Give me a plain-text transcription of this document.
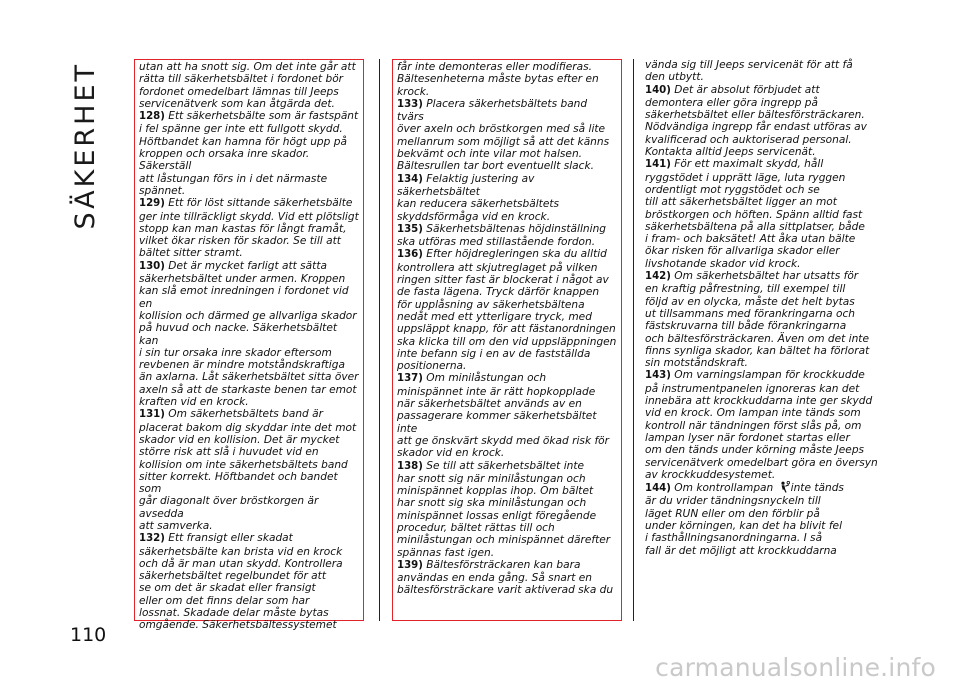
SÄKERHET	utan att ha snott sig. Om det inte går att
rätta till säkerhetsbältet i fordonet bör
fordonet omedelbart lämnas till Jeeps
servicenätverk som kan åtgärda det.

128) Ett säkerhetsbälte som är fastspänt
i fel spänne ger inte ett fullgott skydd.
Höftbandet kan hamna för högt upp på
kroppen och orsaka inre skador. Säkerställ
att låstungan förs in i det närmaste
spännet.

129) Ett för löst sittande säkerhetsbälte
ger inte tillräckligt skydd. Vid ett plötsligt
stopp kan man kastas för långt framåt,
vilket ökar risken för skador. Se till att
bältet sitter stramt.

130) Det är mycket farligt att sätta
säkerhetsbältet under armen. Kroppen
kan slå emot inredningen i fordonet vid en
kollision och därmed ge allvarliga skador
på huvud och nacke. Säkerhetsbältet kan
i sin tur orsaka inre skador eftersom
revbenen är mindre motståndskraftiga
än axlarna. Låt säkerhetsbältet sitta över
axeln så att de starkaste benen tar emot
kraften vid en krock.

131) Om säkerhetsbältets band är
placerat bakom dig skyddar inte det mot
skador vid en kollision. Det är mycket
större risk att slå i huvudet vid en
kollision om inte säkerhetsbältets band
sitter korrekt. Höftbandet och bandet som
går diagonalt över bröstkorgen är avsedda
att samverka.

132) Ett fransigt eller skadat
säkerhetsbälte kan brista vid en krock
och då är man utan skydd. Kontrollera
säkerhetsbältet regelbundet för att
se om det är skadat eller fransigt
eller om det finns delar som har
lossnat. Skadade delar måste bytas
omgående. Säkerhetsbältessystemet

får inte demonteras eller modifieras.
Bältesenheterna måste bytas efter en
krock.

133) Placera säkerhetsbältets band tvärs
över axeln och bröstkorgen med så lite
mellanrum som möjligt så att det känns
bekvämt och inte vilar mot halsen.
Bältesrullen tar bort eventuellt slack.

134) Felaktig justering av säkerhetsbältet
kan reducera säkerhetsbältets
skyddsförmåga vid en krock.

135) Säkerhetsbältenas höjdinställning
ska utföras med stillastående fordon.

136) Efter höjdregleringen ska du alltid
kontrollera att skjutreglaget på vilken
ringen sitter fast är blockerat i något av
de fasta lägena. Tryck därför knappen
för upplåsning av säkerhetsbältena
nedåt med ett ytterligare tryck, med
uppsläppt knapp, för att fästanordningen
ska klicka till om den vid uppsläppningen
inte befann sig i en av de fastställda
positionerna.

137) Om minilåstungan och
minispännet inte är rätt hopkopplade
när säkerhetsbältet används av en
passagerare kommer säkerhetsbältet inte
att ge önskvärt skydd med ökad risk för
skador vid en krock.

138) Se till att säkerhetsbältet inte
har snott sig när minilåstungan och
minispännet kopplas ihop. Om bältet
har snott sig ska minilåstungan och
minispännet lossas enligt föregående
procedur, bältet rättas till och
minilåstungan och minispännet därefter
spännas fast igen.

139) Bältesförsträckaren kan bara
användas en enda gång. Så snart en
bältesförsträckare varit aktiverad ska du

vända sig till Jeeps servicenät för att få
den utbytt.

140) Det är absolut förbjudet att
demontera eller göra ingrepp på
säkerhetsbältet eller bältesförsträckaren.
Nödvändiga ingrepp får endast utföras av
kvalificerad och auktoriserad personal.
Kontakta alltid Jeeps servicenät.

141) För ett maximalt skydd, håll
ryggstödet i upprätt läge, luta ryggen
ordentligt mot ryggstödet och se
till att säkerhetsbältet ligger an mot
bröstkorgen och höften. Spänn alltid fast
säkerhetsbältena på alla sittplatser, både
i fram- och baksätet! Att åka utan bälte
ökar risken för allvarliga skador eller
livshotande skador vid krock.

142) Om säkerhetsbältet har utsatts för
en kraftig påfrestning, till exempel till
följd av en olycka, måste det helt bytas
ut tillsammans med förankringarna och
fästskruvarna till både förankringarna
och bältesförsträckaren. Även om det inte
finns synliga skador, kan bältet ha förlorat
sin motståndskraft.

143) Om varningslampan för krockkudde
på instrumentpanelen ignoreras kan det
innebära att krockkuddarna inte ger skydd
vid en krock. Om lampan inte tänds som
kontroll när tändningen först slås på, om
lampan lyser när fordonet startas eller
om den tänds under körning måste Jeeps
servicenätverk omedelbart göra en översyn
av krockkuddesystemet.

144) Om kontrollampan inte tänds
är du vrider tändningsnyckeln till
läget RUN eller om den förblir på
under körningen, kan det ha blivit fel
i fasthållningsanordningarna. I så
fall är det möjligt att krockkuddarna

110
carmanualsonline.info
